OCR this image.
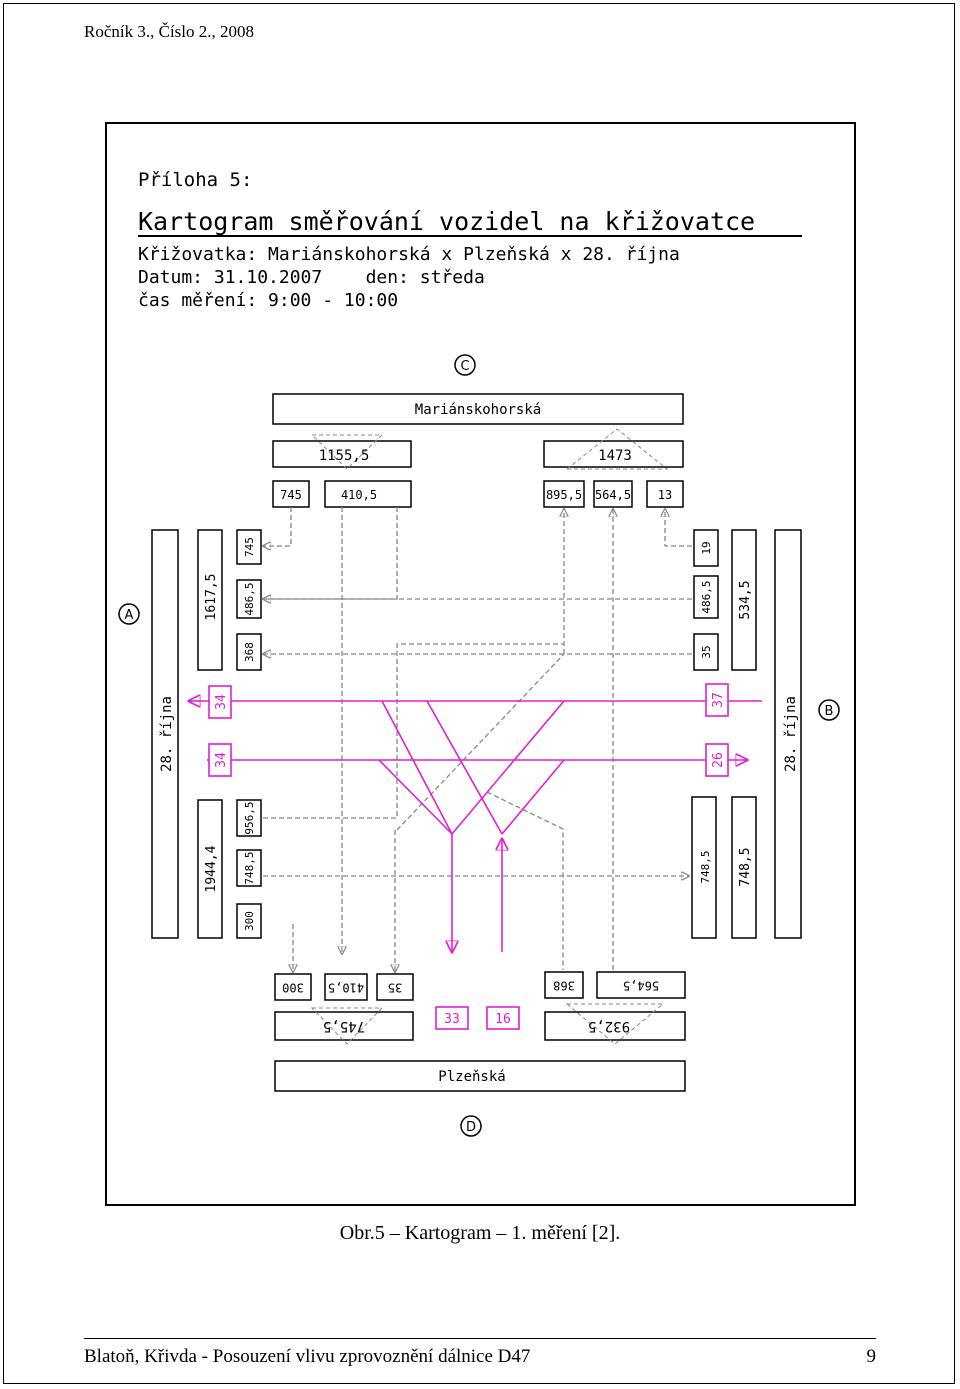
Ročník 3., Číslo 2., 2008
Příloha 5:
Kartogram směřování vozidel na křižovatce
Křižovatka: Mariánskohorská x Plzeňská x 28. října
Datum: 31.10.2007    den: středa
čas měření: 9:00 - 10:00
C
Mariánskohorská
1155,5	1473
745	410,5	895,5 564,5 13
A
28. října
1617,5
745
486,5
368
1944,4
956,5
748,5
300
B
28. října
19
486,5
35
534,5
748,5 748,5
300 410,5 35
745,5
368	564,5
932,5
Plzeňská
D
34
34
37
26
33	16
Obr.5 – Kartogram – 1. měření [2].
Blatoň, Křivda - Posouzení vlivu zprovoznění dálnice D47	9
